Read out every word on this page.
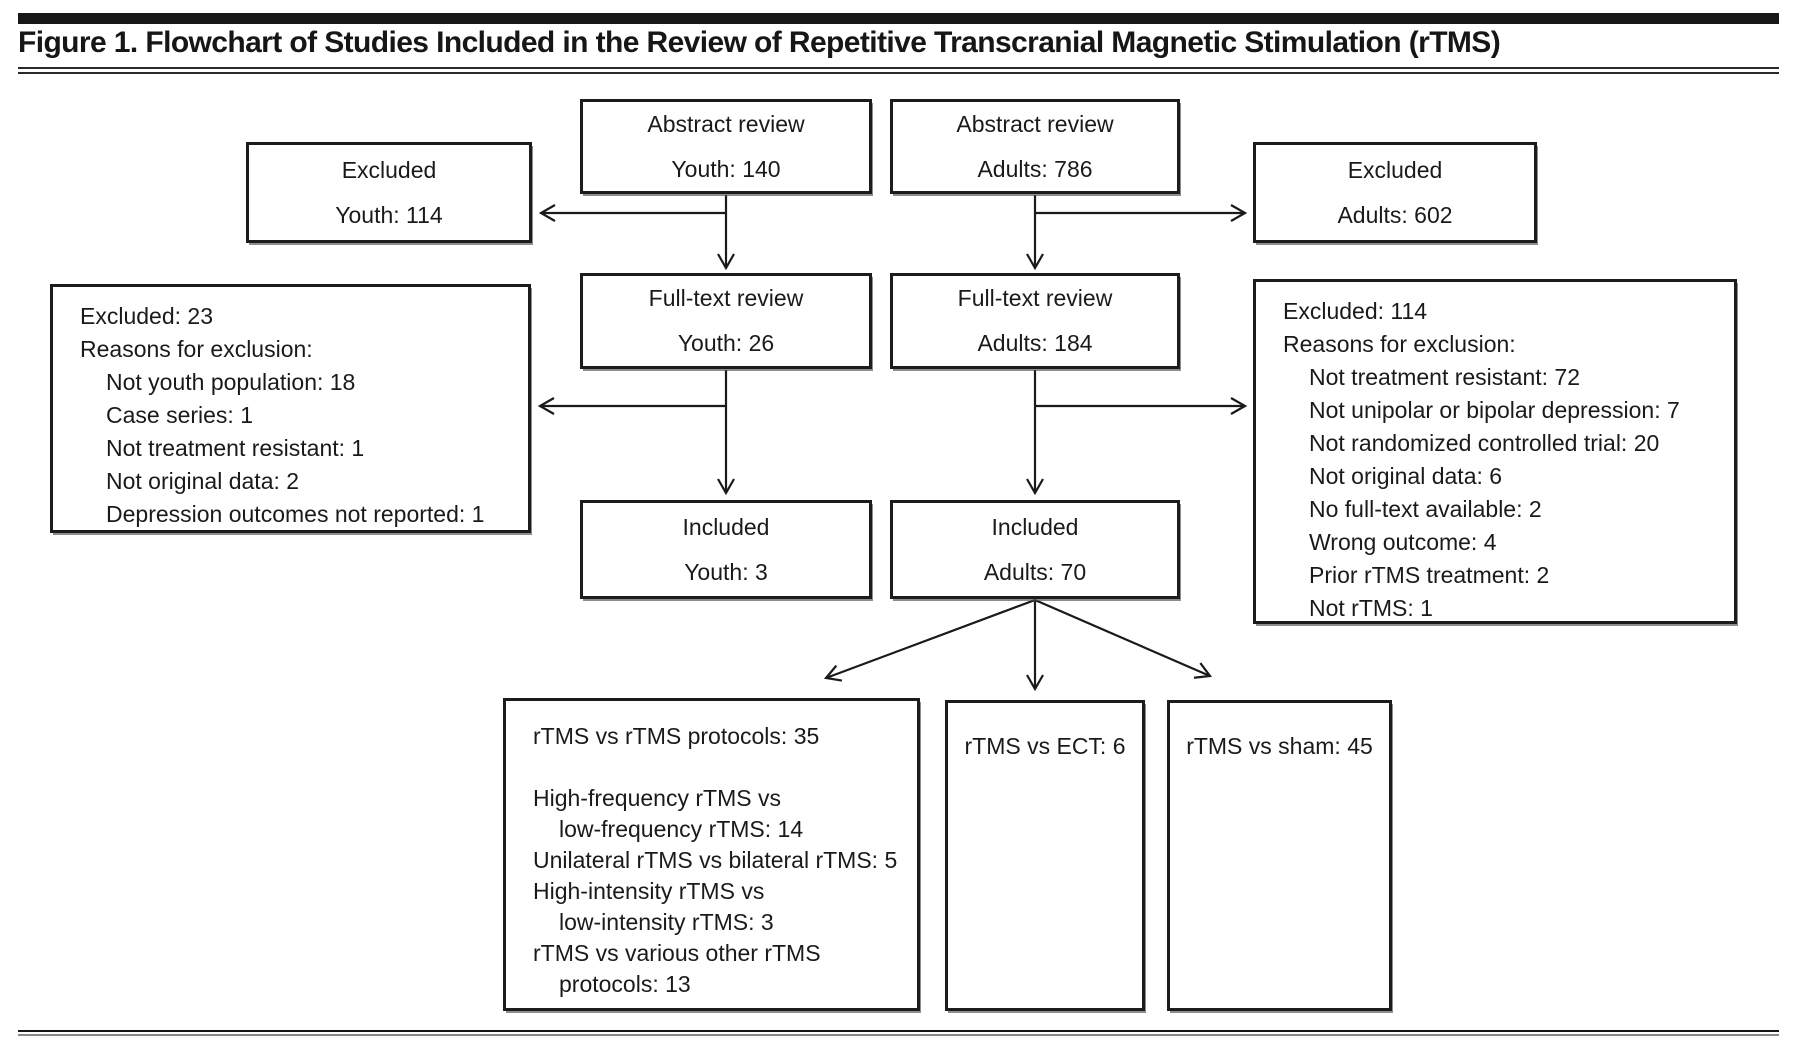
Figure 1. Flowchart of Studies Included in the Review of Repetitive Transcranial Magnetic Stimulation (rTMS)
Abstract review
Youth: 140
Abstract review
Adults: 786
Excluded
Youth: 114
Excluded
Adults: 602
Full-text review
Youth: 26
Full-text review
Adults: 184
Excluded: 23
Reasons for exclusion:
Not youth population: 18
Case series: 1
Not treatment resistant: 1
Not original data: 2
Depression outcomes not reported: 1
Excluded: 114
Reasons for exclusion:
Not treatment resistant: 72
Not unipolar or bipolar depression: 7
Not randomized controlled trial: 20
Not original data: 6
No full-text available: 2
Wrong outcome: 4
Prior rTMS treatment: 2
Not rTMS: 1
Included
Youth: 3
Included
Adults: 70
rTMS vs rTMS protocols: 35
High-frequency rTMS vs
low-frequency rTMS: 14
Unilateral rTMS vs bilateral rTMS: 5
High-intensity rTMS vs
low-intensity rTMS: 3
rTMS vs various other rTMS
protocols: 13
rTMS vs ECT: 6	rTMS vs sham: 45
